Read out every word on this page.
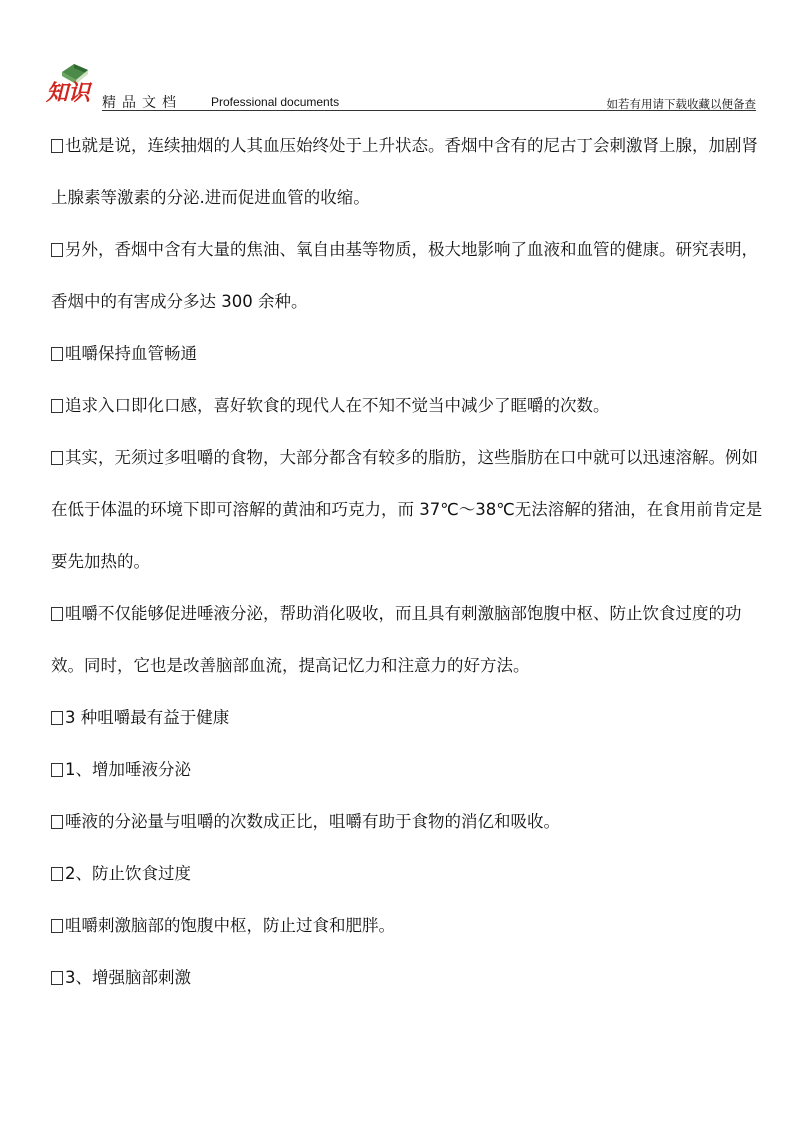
知识 精品文档 Professional documents	如若有用请下载收藏以便备查

也就是说，连续抽烟的人其血压始终处于上升状态。香烟中含有的尼古丁会刺激肾上腺，加剧肾上腺素等激素的分泌.进而促进血管的收缩。

另外，香烟中含有大量的焦油、氧自由基等物质，极大地影响了血液和血管的健康。研究表明，香烟中的有害成分多达 300 余种。

咀嚼保持血管畅通

追求入口即化口感，喜好软食的现代人在不知不觉当中减少了眶嚼的次数。

其实，无须过多咀嚼的食物，大部分都含有较多的脂肪，这些脂肪在口中就可以迅速溶解。例如在低于体温的环境下即可溶解的黄油和巧克力，而 37℃～38℃无法溶解的猪油，在食用前肯定是要先加热的。

咀嚼不仅能够促进唾液分泌，帮助消化吸收，而且具有刺激脑部饱腹中枢、防止饮食过度的功效。同时，它也是改善脑部血流，提高记忆力和注意力的好方法。

3 种咀嚼最有益于健康

1、增加唾液分泌

唾液的分泌量与咀嚼的次数成正比，咀嚼有助于食物的消亿和吸收。

2、防止饮食过度

咀嚼刺激脑部的饱腹中枢，防止过食和肥胖。

3、增强脑部刺激
